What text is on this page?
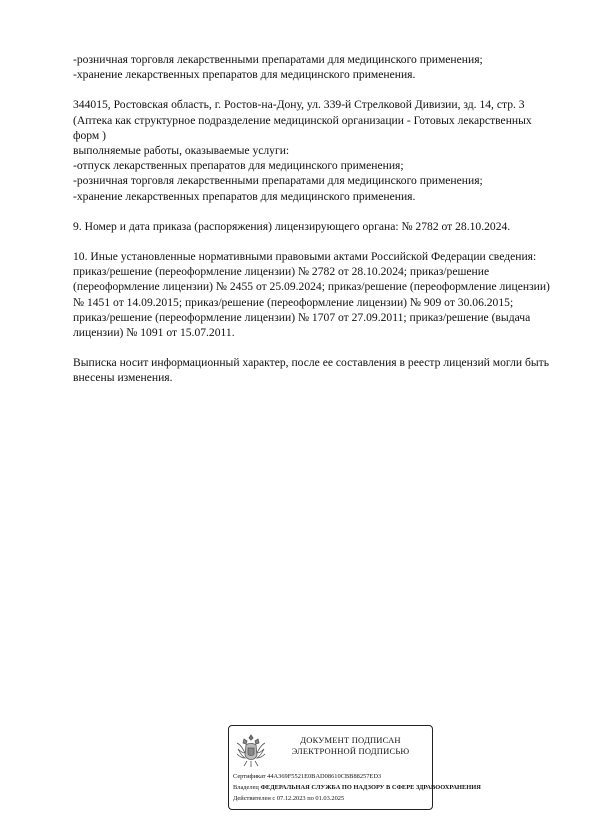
-розничная торговля лекарственными препаратами для медицинского применения;
-хранение лекарственных препаратов для медицинского применения.
344015, Ростовская область, г. Ростов-на-Дону, ул. 339-й Стрелковой Дивизии, зд. 14, стр. 3
(Аптека как структурное подразделение медицинской организации - Готовых лекарственных
форм )
выполняемые работы, оказываемые услуги:
-отпуск лекарственных препаратов для медицинского применения;
-розничная торговля лекарственными препаратами для медицинского применения;
-хранение лекарственных препаратов для медицинского применения.
9. Номер и дата приказа (распоряжения) лицензирующего органа: № 2782 от 28.10.2024.
10. Иные установленные нормативными правовыми актами Российской Федерации сведения:
приказ/решение (переоформление лицензии) № 2782 от 28.10.2024; приказ/решение
(переоформление лицензии) № 2455 от 25.09.2024; приказ/решение (переоформление лицензии)
№ 1451 от 14.09.2015; приказ/решение (переоформление лицензии) № 909 от 30.06.2015;
приказ/решение (переоформление лицензии) № 1707 от 27.09.2011; приказ/решение (выдача
лицензии) № 1091 от 15.07.2011.
Выписка носит информационный характер, после ее составления в реестр лицензий могли быть
внесены изменения.
ДОКУМЕНТ ПОДПИСАН
ЭЛЕКТРОННОЙ ПОДПИСЬЮ
Сертификат 44A369F5521E0BAD08610CBB88257ED3
Владелец ФЕДЕРАЛЬНАЯ СЛУЖБА ПО НАДЗОРУ В СФЕРЕ ЗДРАВООХРАНЕНИЯ
Действителен с 07.12.2023 по 01.03.2025
